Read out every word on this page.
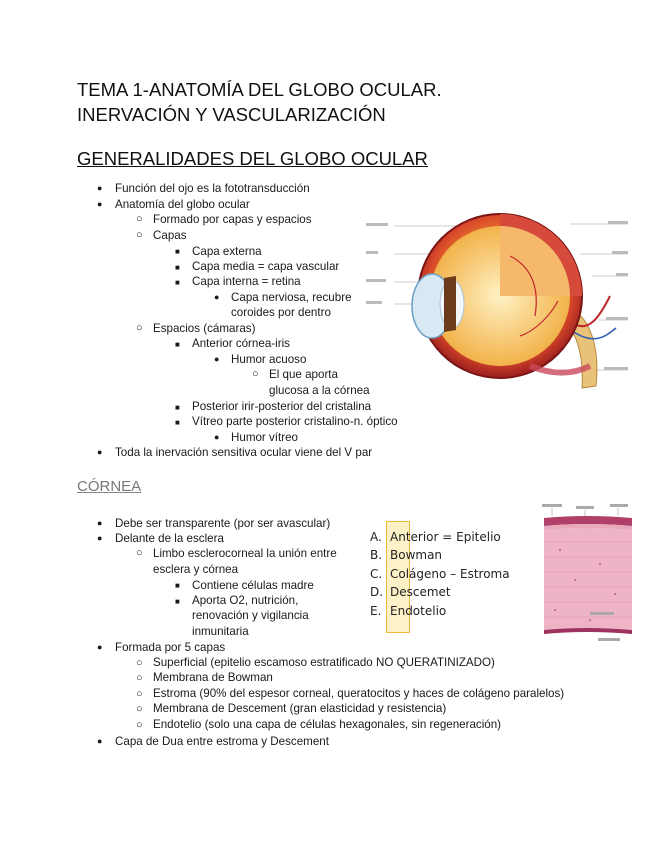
TEMA 1-ANATOMÍA DEL GLOBO OCULAR.
INERVACIÓN Y VASCULARIZACIÓN
GENERALIDADES DEL GLOBO OCULAR
●
●
○
○
■
■
■
●
○
■
●
○
■
■
●
●
Función del ojo es la fototransducción
Anatomía del globo ocular
Formado por capas y espacios
Capas
Capa externa
Capa media = capa vascular
Capa interna = retina
Capa nerviosa, recubre
coroides por dentro
Espacios (cámaras)
Anterior córnea-iris
Humor acuoso
El que aporta
glucosa a la córnea
Posterior irir-posterior del cristalina
Vítreo parte posterior cristalino-n. óptico
Humor vítreo
Toda la inervación sensitiva ocular viene del V par
CÓRNEA
●
●
○
■
■
●
○
○
○
○
○
●
Debe ser transparente (por ser avascular)
Delante de la esclera
Limbo esclerocorneal la unión entre
esclera y córnea
Contiene células madre
Aporta O2, nutrición,
renovación y vigilancia
inmunitaria
Formada por 5 capas
Superficial (epitelio escamoso estratificado NO QUERATINIZADO)
Membrana de Bowman
Estroma (90% del espesor corneal, queratocitos y haces de colágeno paralelos)
Membrana de Descement (gran elasticidad y resistencia)
Endotelio (solo una capa de células hexagonales, sin regeneración)
Capa de Dua entre estroma y Descement
A. Anterior = Epitelio
B. Bowman
C. Colágeno – Estroma
D. Descemet
E. Endotelio
